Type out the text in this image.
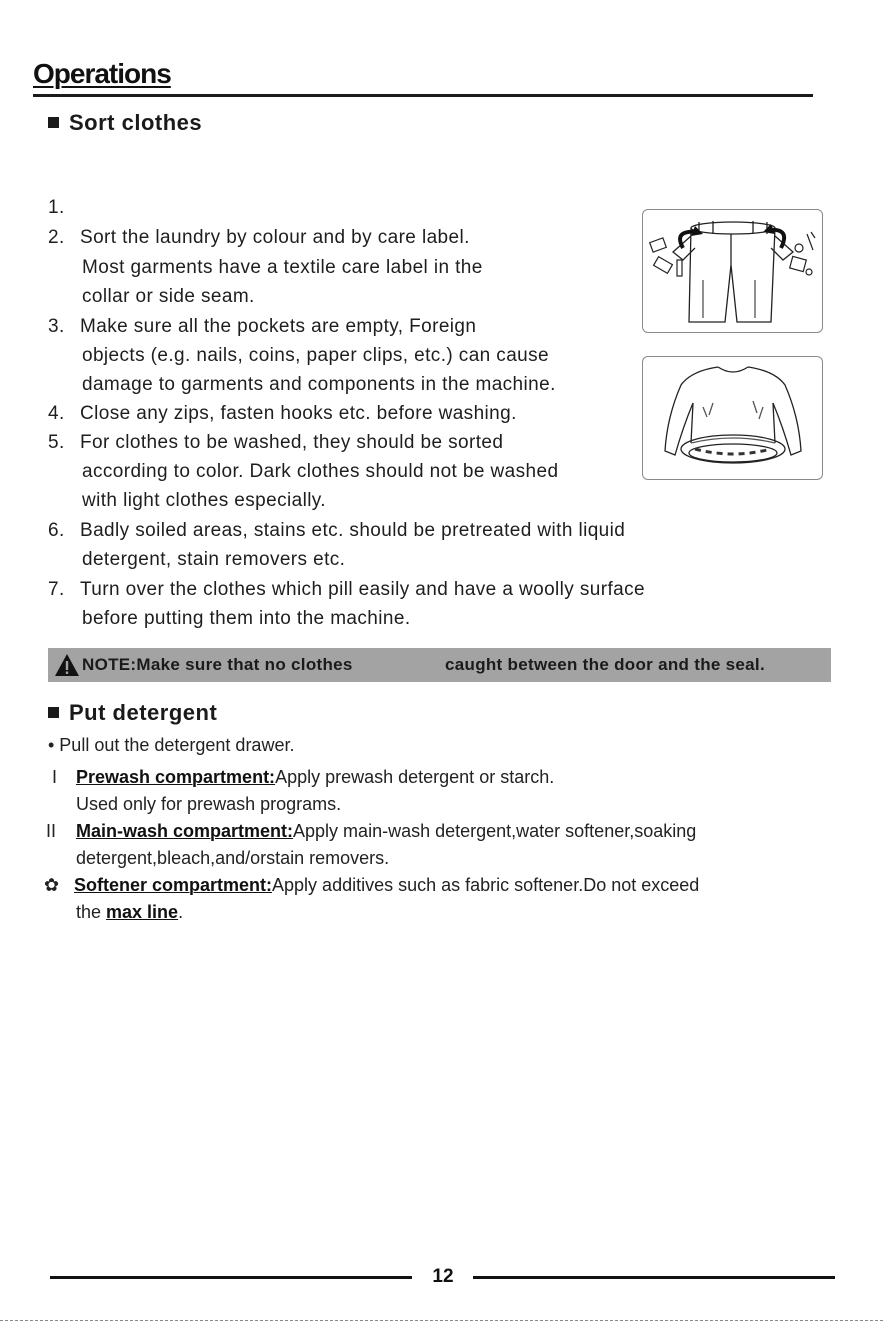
Operations
Sort clothes
1.
2. Sort the laundry by colour and by care label.
Most garments have a textile care label in the
collar or side seam.
3. Make sure all the pockets are empty, Foreign
objects (e.g. nails, coins, paper clips, etc.) can cause
damage to garments and components in the machine.
4. Close any zips, fasten hooks etc. before washing.
5. For clothes to be washed, they should be sorted
according to color. Dark clothes should not be washed
with light clothes especially.
6. Badly soiled areas, stains etc. should be pretreated with liquid
detergent, stain removers etc.
7. Turn over the clothes which pill easily and have a woolly surface
before putting them into the machine.
NOTE:Make sure that no clothes	caught between the door and the seal.
Put detergent
• Pull out the detergent drawer.
I Prewash compartment:Apply prewash detergent or starch.
Used only for prewash programs.
II Main-wash compartment:Apply main-wash detergent,water softener,soaking
detergent,bleach,and/orstain removers.
✿ Softener compartment:Apply additives such as fabric softener.Do not exceed
the max line.
12
